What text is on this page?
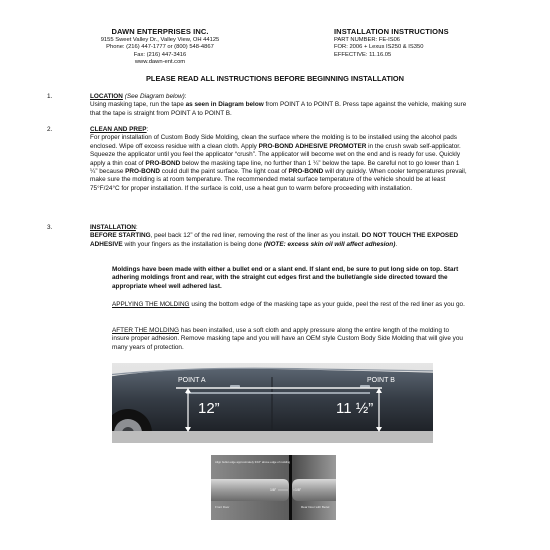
DAWN ENTERPRISES INC.
9155 Sweet Valley Dr., Valley View, OH 44125
Phone: (216) 447-1777 or (800) 548-4867
Fax: (216) 447-3416
www.dawn-ent.com
INSTALLATION INSTRUCTIONS
PART NUMBER: FE-IS06
FOR: 2006 + Lexus IS250 & IS350
EFFECTIVE: 11.16.05
PLEASE READ ALL INSTRUCTIONS BEFORE BEGINNING INSTALLATION
1.	LOCATION (See Diagram below):
Using masking tape, run the tape as seen in Diagram below from POINT A to POINT B. Press tape against the vehicle, making sure that the tape is straight from POINT A to POINT B.
2.	CLEAN AND PREP:
For proper installation of Custom Body Side Molding, clean the surface where the molding is to be installed using the alcohol pads enclosed. Wipe off excess residue with a clean cloth. Apply PRO-BOND ADHESIVE PROMOTER in the crush swab self-applicator. Squeeze the applicator until you feel the applicator “crush”. The applicator will become wet on the end and is ready for use. Quickly apply a thin coat of PRO-BOND below the masking tape line, no further than 1 ¼” below the tape. Be careful not to go lower than 1 ¼” because PRO-BOND could dull the paint surface. The light coat of PRO-BOND will dry quickly. When cooler temperatures prevail, make sure the molding is at room temperature. The recommended metal surface temperature of the vehicle should be at least 75°F/24°C for proper installation. If the surface is cold, use a heat gun to warm before proceeding with installation.
3.	INSTALLATION:
BEFORE STARTING, peel back 12” of the red liner, removing the rest of the liner as you install. DO NOT TOUCH THE EXPOSED ADHESIVE with your fingers as the installation is being done (NOTE: excess skin oil will affect adhesion).
Moldings have been made with either a bullet end or a slant end. If slant end, be sure to put long side on top. Start adhering moldings front and rear, with the straight cut edges first and the bullet/angle side directed toward the appropriate wheel well adhered last.
APPLYING THE MOLDING using the bottom edge of the masking tape as your guide, peel the rest of the red liner as you go.
AFTER THE MOLDING has been installed, use a soft cloth and apply pressure along the entire length of the molding to insure proper adhesion. Remove masking tape and you will have an OEM style Custom Body Side Molding that will give you many years of protection.
POINT A	POINT B
12”	11 ½”
Align bullet edge approximately 3/16" above edge of molding
1/8"	1/8"
Front Door	Rear Door with Bezel
